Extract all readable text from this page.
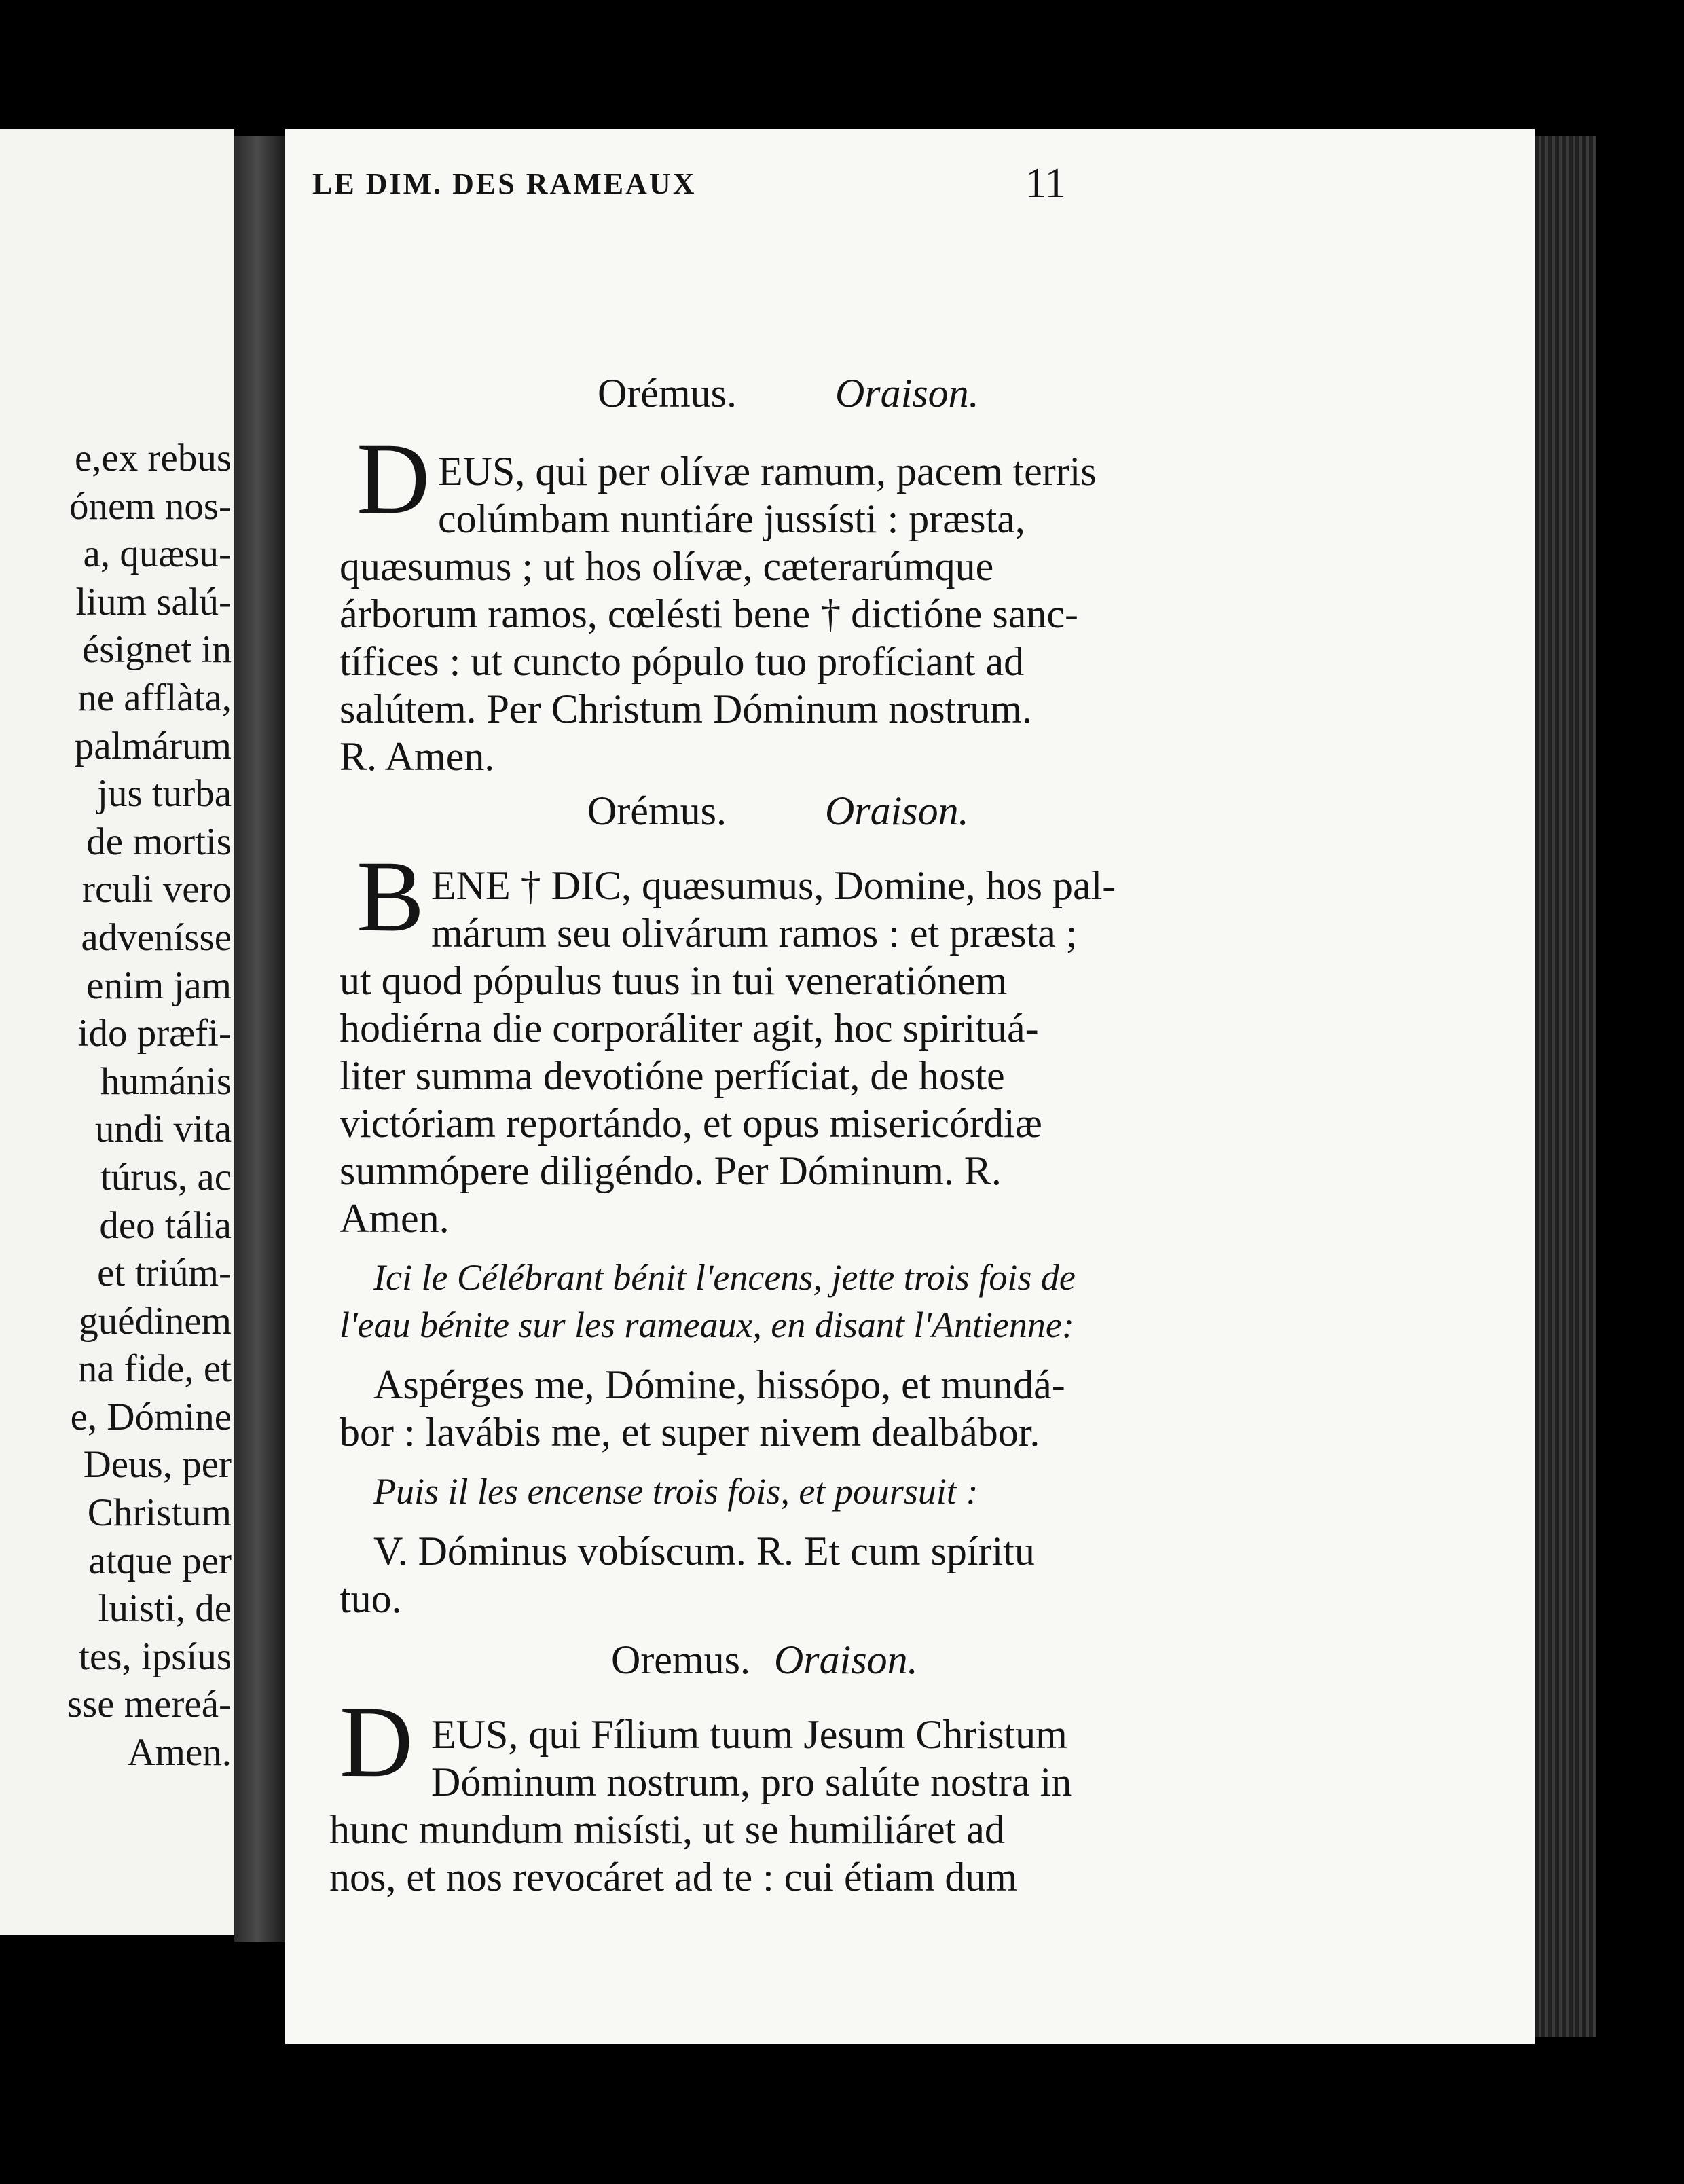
e,ex rebus
ónem nos-
a, quæsu-
lium salú-
ésignet in
ne afflàta,
palmárum
jus turba
de mortis
rculi vero
advenísse
enim jam
ido præfi-
humánis
undi vita
túrus, ac
deo tália
et triúm-
guédinem
na fide, et
e, Dómine
Deus, per
Christum
atque per
luisti, de
tes, ipsíus
sse mereá-
Amen.
LE DIM. DES RAMEAUX	11
Orémus. Oraison.
D EUS, qui per olívæ ramum, pacem terris
colúmbam nuntiáre jussísti : præsta,
quæsumus ; ut hos olívæ, cæterarúmque
árborum ramos, cœlésti bene † dictióne sanc-
tífices : ut cuncto pópulo tuo profíciant ad
salútem. Per Christum Dóminum nostrum.
R. Amen.
Orémus. Oraison.
B ENE † DIC, quæsumus, Domine, hos pal-
márum seu olivárum ramos : et præsta ;
ut quod pópulus tuus in tui veneratiónem
hodiérna die corporáliter agit, hoc spirituá-
liter summa devotióne perfíciat, de hoste
victóriam reportándo, et opus misericórdiæ
summópere diligéndo. Per Dóminum. R.
Amen.
Ici le Célébrant bénit l'encens, jette trois fois de
l'eau bénite sur les rameaux, en disant l'Antienne:
Aspérges me, Dómine, hissópo, et mundá-
bor : lavábis me, et super nivem dealbábor.
Puis il les encense trois fois, et poursuit :
V. Dóminus vobíscum. R. Et cum spíritu
tuo.
Oremus. Oraison.
D EUS, qui Fílium tuum Jesum Christum
Dóminum nostrum, pro salúte nostra in
hunc mundum misísti, ut se humiliáret ad
nos, et nos revocáret ad te : cui étiam dum
